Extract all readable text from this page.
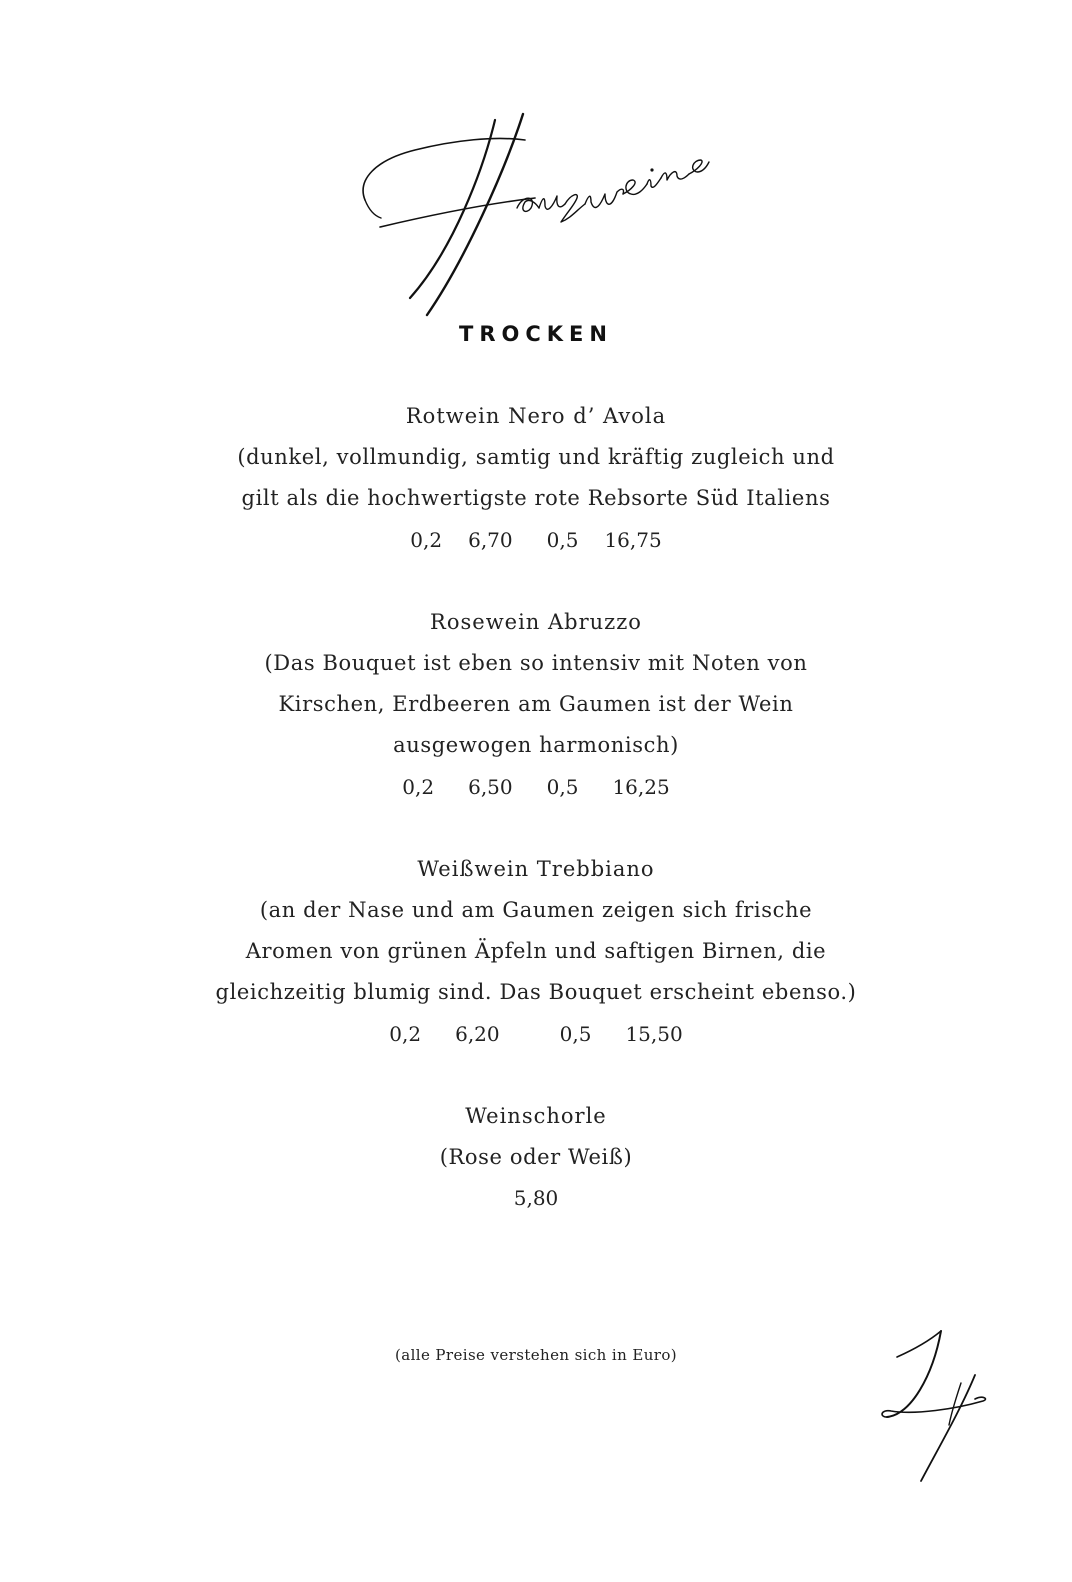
TROCKEN
Rotwein Nero d’ Avola
(dunkel, vollmundig, samtig und kräftig zugleich und
gilt als die hochwertigste rote Rebsorte Süd Italiens
0,2 6,70 0,5 16,75
Rosewein Abruzzo
(Das Bouquet ist eben so intensiv mit Noten von
Kirschen, Erdbeeren am Gaumen ist der Wein
ausgewogen harmonisch)
0,2 6,50 0,5 16,25
Weißwein Trebbiano
(an der Nase und am Gaumen zeigen sich frische
Aromen von grünen Äpfeln und saftigen Birnen, die
gleichzeitig blumig sind. Das Bouquet erscheint ebenso.)
0,2 6,20	0,5 15,50
Weinschorle
(Rose oder Weiß)
5,80
(alle Preise verstehen sich in Euro)
